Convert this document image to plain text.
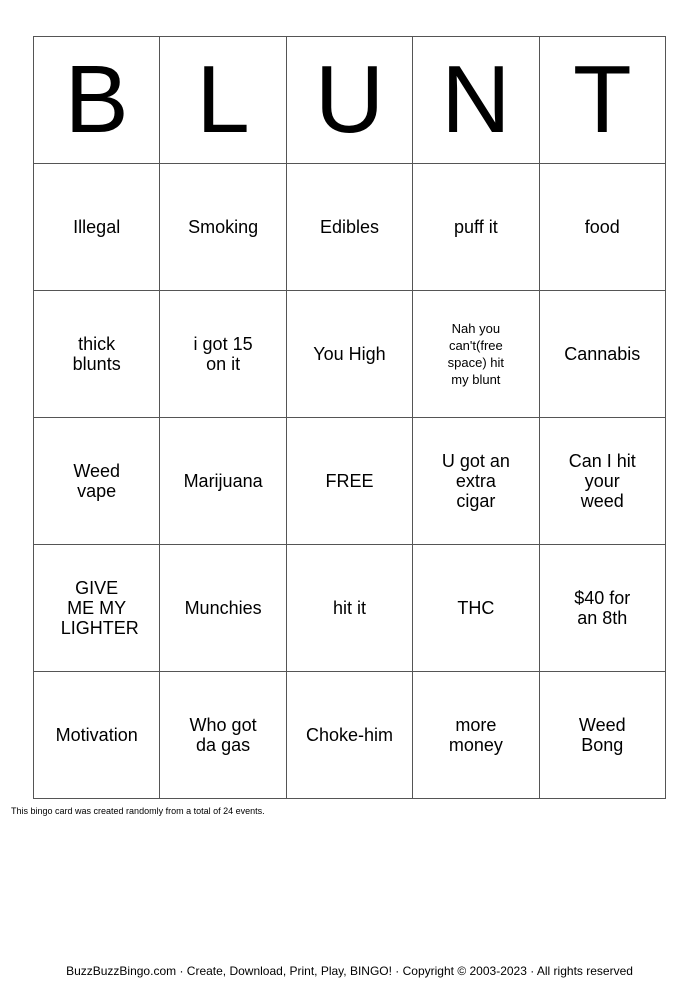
B	L	U	N	T

Illegal	Smoking	Edibles	puff it	food

thick blunts	i got 15 on it	You High	Nah you can't(free space) hit my blunt	Cannabis

Weed vape	Marijuana	FREE	U got an extra cigar	Can I hit your weed

GIVE ME MY LIGHTER	Munchies	hit it	THC	$40 for an 8th

Motivation	Who got da gas	Choke-him	more money	Weed Bong
This bingo card was created randomly from a total of 24 events.
BuzzBuzzBingo.com · Create, Download, Print, Play, BINGO! · Copyright © 2003-2023 · All rights reserved
